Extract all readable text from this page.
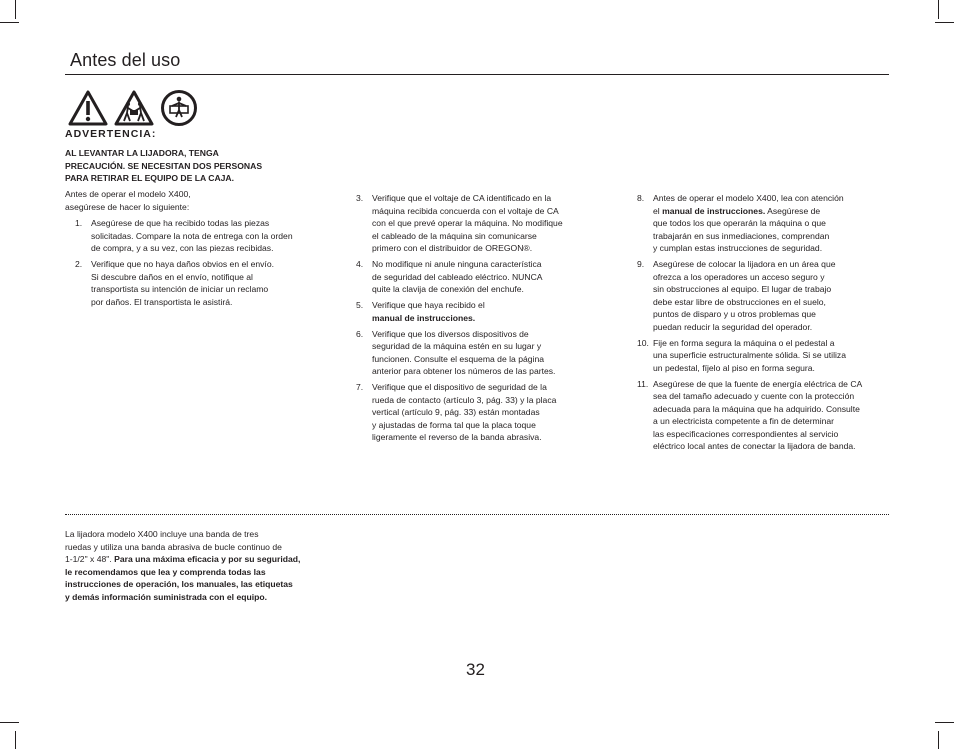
Antes del uso
ADVERTENCIA:
AL LEVANTAR LA LIJADORA, TENGA
PRECAUCIÓN. SE NECESITAN DOS PERSONAS
PARA RETIRAR EL EQUIPO DE LA CAJA.
Antes de operar el modelo X400,
asegúrese de hacer lo siguiente:
1. Asegúrese de que ha recibido todas las piezas
solicitadas. Compare la nota de entrega con la orden
de compra, y a su vez, con las piezas recibidas.
2. Verifique que no haya daños obvios en el envío.
Si descubre daños en el envío, notifique al
transportista su intención de iniciar un reclamo
por daños. El transportista le asistirá.
3. Verifique que el voltaje de CA identificado en la
máquina recibida concuerda con el voltaje de CA
con el que prevé operar la máquina. No modifique
el cableado de la máquina sin comunicarse
primero con el distribuidor de OREGON®.
4. No modifique ni anule ninguna característica
de seguridad del cableado eléctrico. NUNCA
quite la clavija de conexión del enchufe.
5. Verifique que haya recibido el
manual de instrucciones.
6. Verifique que los diversos dispositivos de
seguridad de la máquina estén en su lugar y
funcionen. Consulte el esquema de la página
anterior para obtener los números de las partes.
7. Verifique que el dispositivo de seguridad de la
rueda de contacto (artículo 3, pág. 33) y la placa
vertical (artículo 9, pág. 33) están montadas
y ajustadas de forma tal que la placa toque
ligeramente el reverso de la banda abrasiva.
8. Antes de operar el modelo X400, lea con atención
el manual de instrucciones. Asegúrese de
que todos los que operarán la máquina o que
trabajarán en sus inmediaciones, comprendan
y cumplan estas instrucciones de seguridad.
9. Asegúrese de colocar la lijadora en un área que
ofrezca a los operadores un acceso seguro y
sin obstrucciones al equipo. El lugar de trabajo
debe estar libre de obstrucciones en el suelo,
puntos de disparo y u otros problemas que
puedan reducir la seguridad del operador.
10. Fije en forma segura la máquina o el pedestal a
una superficie estructuralmente sólida. Si se utiliza
un pedestal, fíjelo al piso en forma segura.
11. Asegúrese de que la fuente de energía eléctrica de CA
sea del tamaño adecuado y cuente con la protección
adecuada para la máquina que ha adquirido. Consulte
a un electricista competente a fin de determinar
las especificaciones correspondientes al servicio
eléctrico local antes de conectar la lijadora de banda.
La lijadora modelo X400 incluye una banda de tres
ruedas y utiliza una banda abrasiva de bucle continuo de
1-1/2" x 48". Para una máxima eficacia y por su seguridad,
le recomendamos que lea y comprenda todas las
instrucciones de operación, los manuales, las etiquetas
y demás información suministrada con el equipo.
32
